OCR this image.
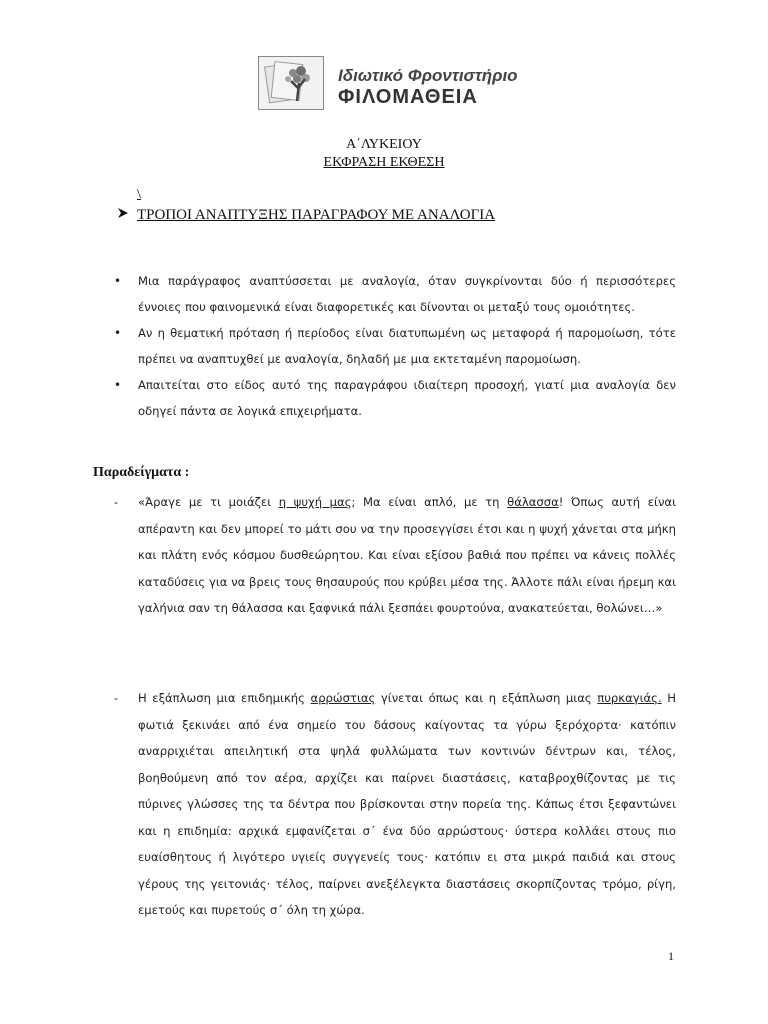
Ιδιωτικό Φροντιστήριο
ΦΙΛΟΜΑΘΕΙΑ
Α΄ΛΥΚΕΙΟΥ
ΕΚΦΡΑΣΗ ΕΚΘΕΣΗ
\
ΤΡΟΠΟΙ ΑΝΑΠΤΥΞΗΣ ΠΑΡΑΓΡΑΦΟΥ ΜΕ ΑΝΑΛΟΓΙΑ
• Μια παράγραφος αναπτύσσεται με αναλογία, όταν συγκρίνονται δύο ή περισσότερες έννοιες που φαινομενικά είναι διαφορετικές και δίνονται οι μεταξύ τους ομοιότητες.
• Αν η θεματική πρόταση ή περίοδος είναι διατυπωμένη ως μεταφορά ή παρομοίωση, τότε πρέπει να αναπτυχθεί με αναλογία, δηλαδή με μια εκτεταμένη παρομοίωση.
• Απαιτείται στο είδος αυτό της παραγράφου ιδιαίτερη προσοχή, γιατί μια αναλογία δεν οδηγεί πάντα σε λογικά επιχειρήματα.
Παραδείγματα :
-	«Άραγε με τι μοιάζει η ψυχή μας; Μα είναι απλό, με τη θάλασσα! Όπως αυτή είναι απέραντη και δεν μπορεί το μάτι σου να την προσεγγίσει έτσι και η ψυχή χάνεται στα μήκη και πλάτη ενός κόσμου δυσθεώρητου. Και είναι εξίσου βαθιά που πρέπει να κάνεις πολλές καταδύσεις για να βρεις τους θησαυρούς που κρύβει μέσα της. Άλλοτε πάλι είναι ήρεμη και γαλήνια σαν τη θάλασσα και ξαφνικά πάλι ξεσπάει φουρτούνα, ανακατεύεται, θολώνει…»
-	Η εξάπλωση μια επιδημικής αρρώστιας γίνεται όπως και η εξάπλωση μιας πυρκαγιάς. Η φωτιά ξεκινάει από ένα σημείο του δάσους καίγοντας τα γύρω ξερόχορτα· κατόπιν αναρριχιέται απειλητική στα ψηλά φυλλώματα των κοντινών δέντρων και, τέλος, βοηθούμενη από τον αέρα, αρχίζει και παίρνει διαστάσεις, καταβροχθίζοντας με τις πύρινες γλώσσες της τα δέντρα που βρίσκονται στην πορεία της. Κάπως έτσι ξεφαντώνει και η επιδημία: αρχικά εμφανίζεται σ΄ ένα δύο αρρώστους· ύστερα κολλάει στους πιο ευαίσθητους ή λιγότερο υγιείς συγγενείς τους· κατόπιν ει στα μικρά παιδιά και στους γέρους της γειτονιάς· τέλος, παίρνει ανεξέλεγκτα διαστάσεις σκορπίζοντας τρόμο, ρίγη, εμετούς και πυρετούς σ΄ όλη τη χώρα.
1
